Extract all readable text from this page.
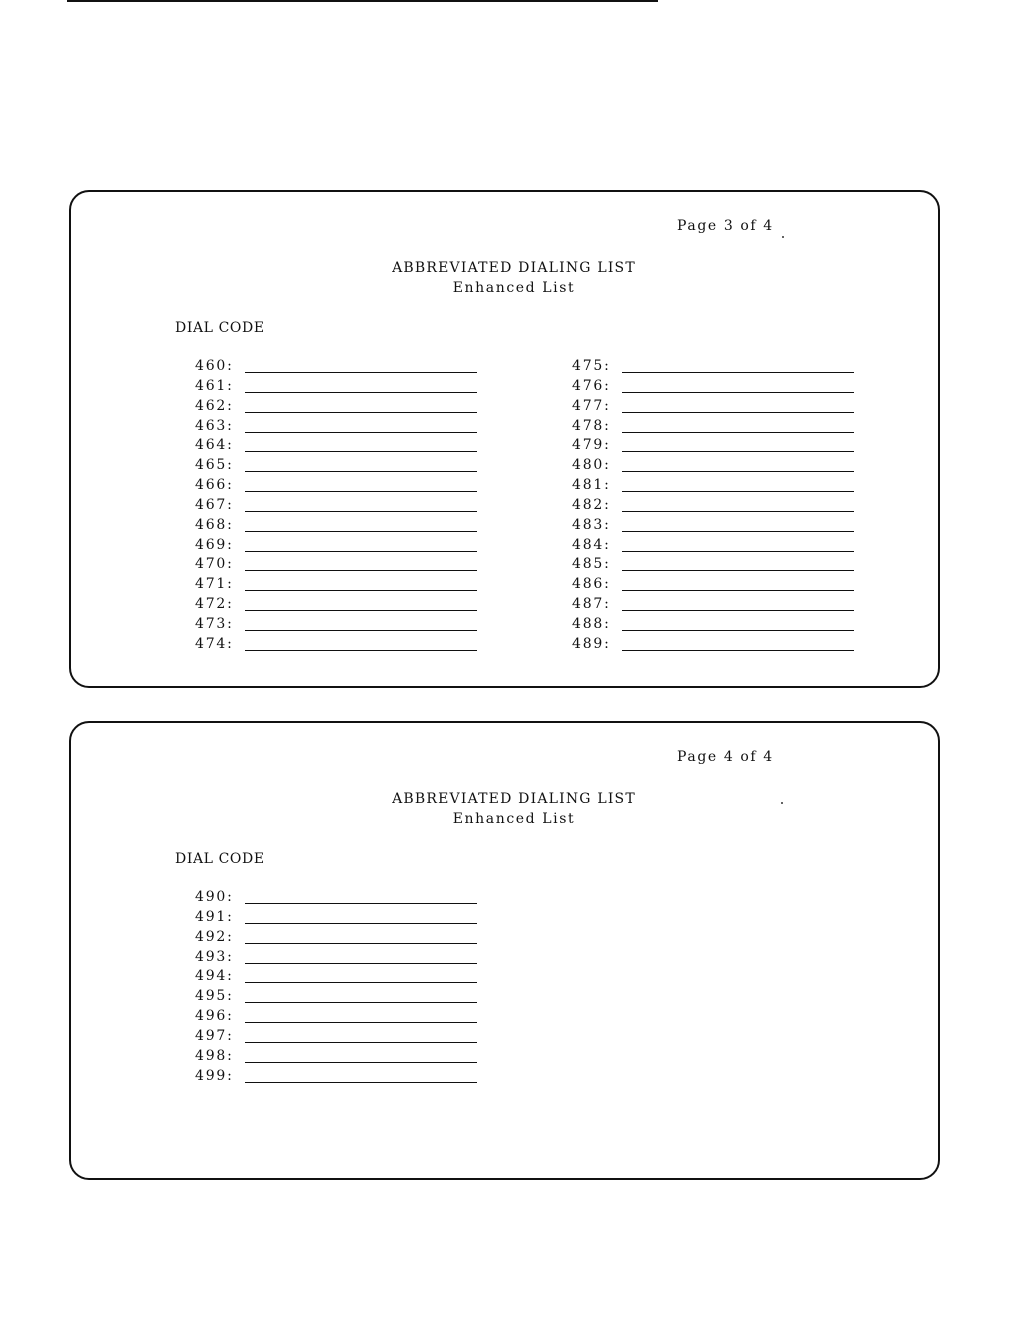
Page 3 of 4
ABBREVIATED DIALING LIST
Enhanced List
DIAL CODE
460:
461:
462:
463:
464:
465:
466:
467:
468:
469:
470:
471:
472:
473:
474:
475:
476:
477:
478:
479:
480:
481:
482:
483:
484:
485:
486:
487:
488:
489:
Page 4 of 4
ABBREVIATED DIALING LIST
Enhanced List
DIAL CODE
490:
491:
492:
493:
494:
495:
496:
497:
498:
499:
